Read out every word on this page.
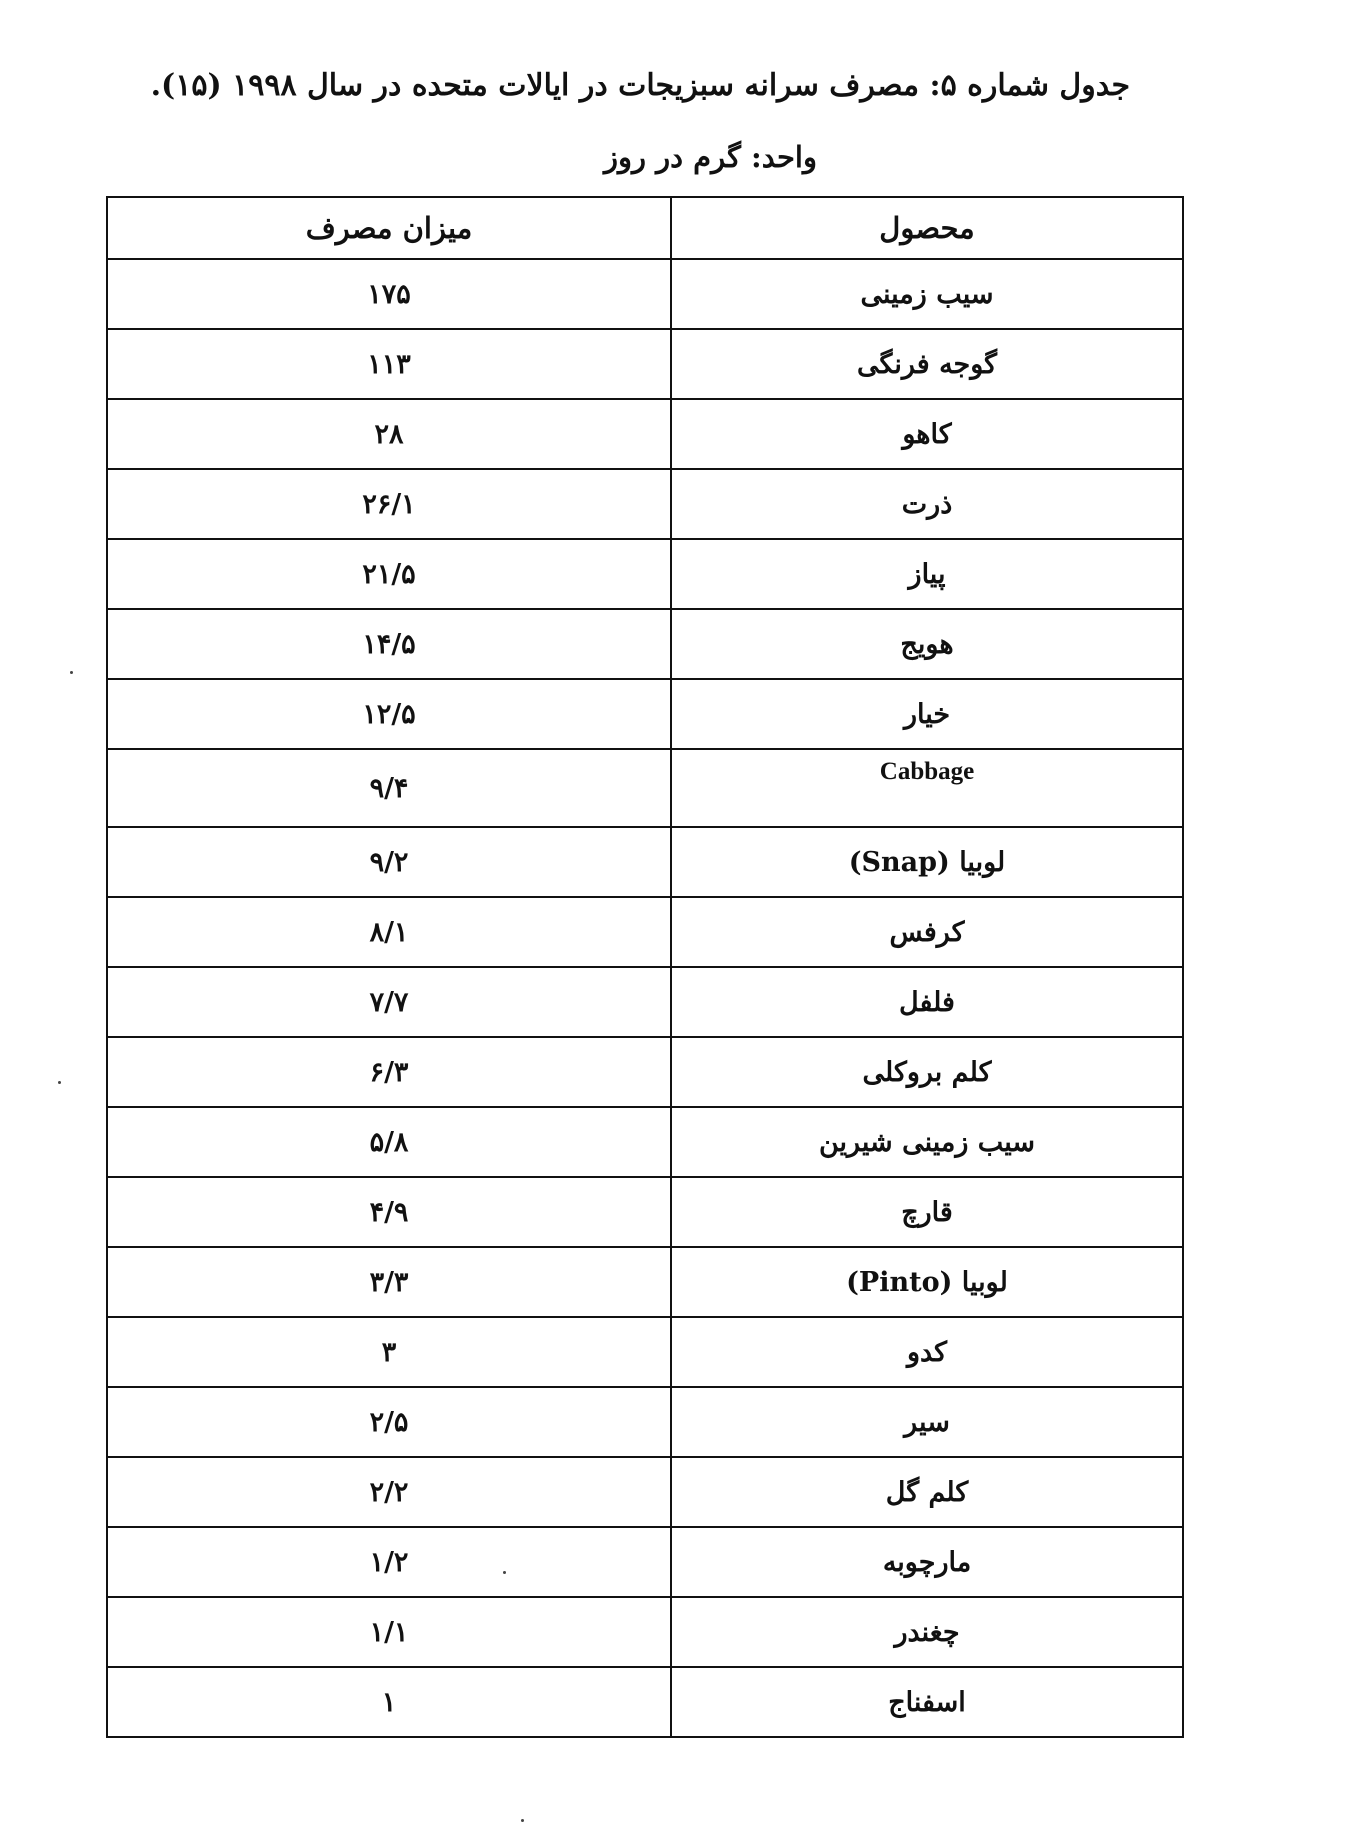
جدول شماره ۵: مصرف سرانه سبزیجات در ایالات متحده در سال ۱۹۹۸ (۱۵).
واحد: گرم در روز
محصول	میزان مصرف
سیب زمینی	۱۷۵
گوجه فرنگی	۱۱۳
کاهو	۲۸
ذرت	۲۶/۱
پیاز	۲۱/۵
هویج	۱۴/۵
خیار	۱۲/۵
Cabbage	۹/۴
لوبیا (Snap)	۹/۲
کرفس	۸/۱
فلفل	۷/۷
کلم بروکلی	۶/۳
سیب زمینی شیرین	۵/۸
قارچ	۴/۹
لوبیا (Pinto)	۳/۳
کدو	۳
سیر	۲/۵
کلم گل	۲/۲
مارچوبه	۱/۲
چغندر	۱/۱
اسفناج	۱
